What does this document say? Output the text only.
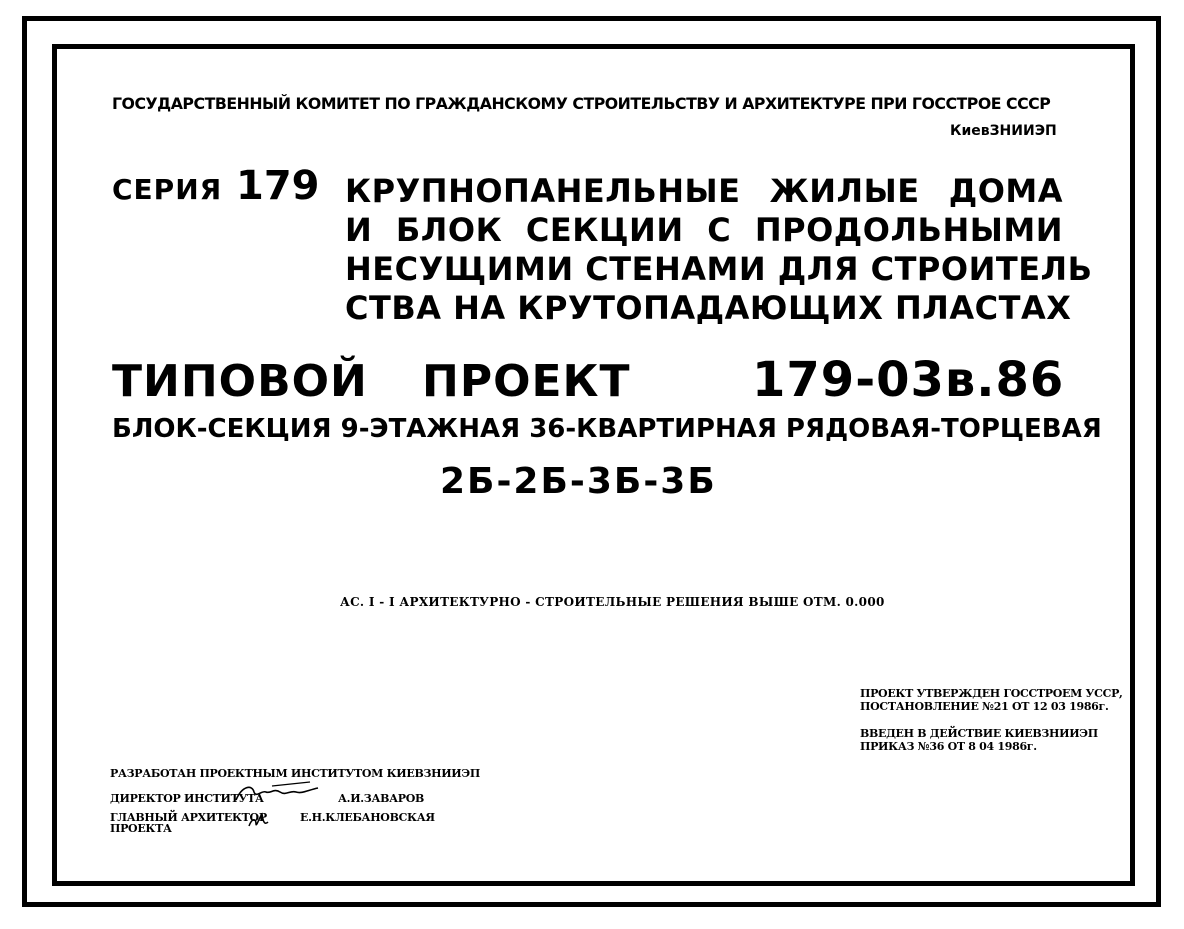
ГОСУДАРСТВЕННЫЙ КОМИТЕТ ПО ГРАЖДАНСКОМУ СТРОИТЕЛЬСТВУ И АРХИТЕКТУРЕ ПРИ ГОССТРОЕ СССР
КиевЗНИИЭП
СЕРИЯ 179 КРУПНОПАНЕЛЬНЫЕ ЖИЛЫЕ ДОМА
И БЛОК СЕКЦИИ С ПРОДОЛЬНЫМИ
НЕСУЩИМИ СТЕНАМИ ДЛЯ СТРОИТЕЛЬ
СТВА НА КРУТОПАДАЮЩИХ ПЛАСТАХ
ТИПОВОЙ ПРОЕКТ	179-03в.86
БЛОК-СЕКЦИЯ 9-ЭТАЖНАЯ 36-КВАРТИРНАЯ РЯДОВАЯ-ТОРЦЕВАЯ
2Б-2Б-3Б-3Б
АС. I - I АРХИТЕКТУРНО - СТРОИТЕЛЬНЫЕ РЕШЕНИЯ ВЫШЕ ОТМ. 0.000
ПРОЕКТ УТВЕРЖДЕН ГОССТРОЕМ УССР,
ПОСТАНОВЛЕНИЕ №21 ОТ 12 03 1986г.
ВВЕДЕН В ДЕЙСТВИЕ КИЕВЗНИИЭП
ПРИКАЗ №36 ОТ 8 04 1986г.
РАЗРАБОТАН ПРОЕКТНЫМ ИНСТИТУТОМ КИЕВЗНИИЭП
ДИРЕКТОР ИНСТИТУТА	А.И.ЗАВАРОВ
ГЛАВНЫЙ АРХИТЕКТОР
ПРОЕКТА
Е.Н.КЛЕБАНОВСКАЯ
